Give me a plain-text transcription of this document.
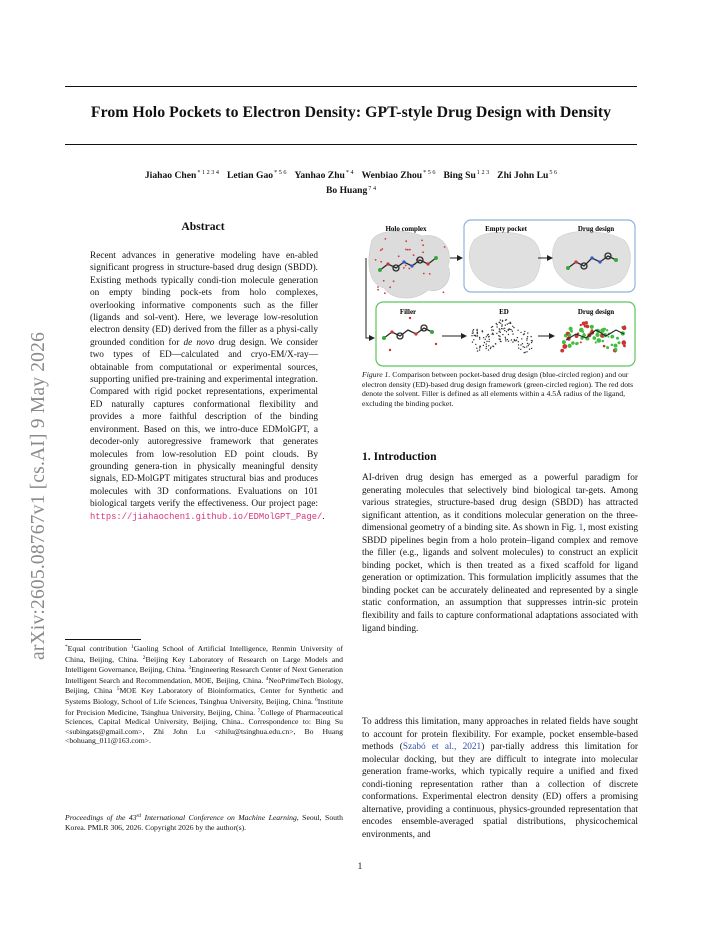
From Holo Pockets to Electron Density: GPT-style Drug Design with Density
Jiahao Chen$^{* 1 2 3 4}$ Letian Gao$^{* 5 6}$ Yanhao Zhu$^{* 4}$ Wenbiao Zhou$^{* 5 6}$ Bing $Su^{1 2 3}$ Zhi John $Lu^{5 6}$
Bo Huang$^{7 4}$
arXiv:2605.08767v1 [cs.AI] 9 May 2026
Abstract
Recent advances in generative modeling have en-abled significant progress in structure-based drug design (SBDD). Existing methods typically condi-tion molecule generation on empty binding pock-ets from holo complexes, overlooking informative components such as the filler (ligands and sol-vent). Here, we leverage low-resolution electron density (ED) derived from the filler as a physi-cally grounded condition for de novo drug design. We consider two types of ED—calculated and cryo-EM/X-ray—obtainable from computational or experimental sources, supporting unified pre-training and experimental integration. Compared with rigid pocket representations, experimental ED naturally captures conformational flexibility and provides a more faithful description of the binding environment. Based on this, we intro-duce EDMolGPT, a decoder-only autoregressive framework that generates molecules from low-resolution ED point clouds. By grounding genera-tion in physically meaningful density signals, ED-MolGPT mitigates structural bias and produces molecules with 3D conformations. Evaluations on 101 biological targets verify the effectiveness. Our project page: https://jiahaochen1.github.io/EDMolGPT_Page/.
*Equal contribution $^1$Gaoling School of Artificial Intelligence, Renmin University of China, Beijing, China. $^2$Beijing Key Laboratory of Research on Large Models and Intelligent Governance, Beijing, China. $^3$Engineering Research Center of Next Generation Intelligent Search and Recommendation, MOE, Beijing, China. $^4$NeoPrimeTech Biology, Beijing, China $^5$MOE Key Laboratory of Bioinformatics, Center for Synthetic and Systems Biology, School of Life Sciences, Tsinghua University, Beijing, China. $^6$Institute for Precision Medicine, Tsinghua University, Beijing, China. $^7$College of Pharmaceutical Sciences, Capital Medical University, Beijing, China.. Correspondence to: Bing Su <subingats@gmail.com>, Zhi John Lu <zhilu@tsinghua.edu.cn>, Bo Huang <bohuang_011@163.com>.
Proceedings of the 43rd International Conference on Machine Learning, Seoul, South Korea. PMLR 306, 2026. Copyright 2026 by the author(s).
Holo complex	Empty pocket	Drug design
Filler	ED	Drug design
Figure 1. Comparison between pocket-based drug design (blue-circled region) and our electron density (ED)-based drug design framework (green-circled region). The red dots denote the solvent. Filler is defined as all elements within a 4.5Å radius of the ligand, excluding the binding pocket.
1. Introduction
AI-driven drug design has emerged as a powerful paradigm for generating molecules that selectively bind biological tar-gets. Among various strategies, structure-based drug design (SBDD) has attracted significant attention, as it conditions molecular generation on the three-dimensional geometry of a binding site. As shown in Fig. 1, most existing SBDD pipelines begin from a holo protein–ligand complex and remove the filler (e.g., ligands and solvent molecules) to construct an explicit binding pocket, which is then treated as a fixed scaffold for ligand generation or optimization. This formulation implicitly assumes that the binding pocket can be accurately delineated and represented by a single static conformation, an assumption that suppresses intrin-sic protein flexibility and fails to capture conformational adaptations associated with ligand binding.
To address this limitation, many approaches in related fields have sought to account for protein flexibility. For example, pocket ensemble-based methods (Szabó et al., 2021) par-tially address this limitation for molecular docking, but they are difficult to integrate into molecular generation frame-works, which typically require a unified and fixed condi-tioning representation rather than a collection of discrete conformations. Experimental electron density (ED) offers a promising alternative, providing a continuous, physics-grounded representation that encodes ensemble-averaged spatial distributions, physicochemical environments, and
1
